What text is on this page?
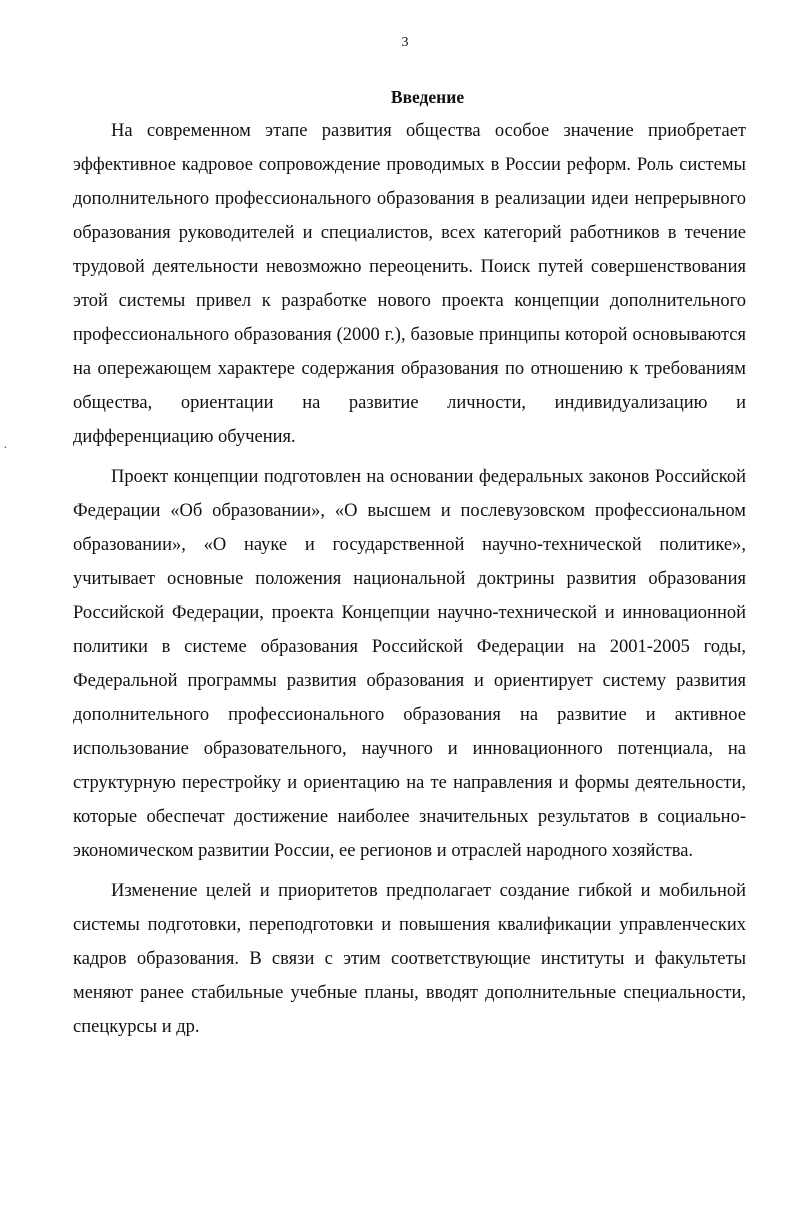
3
Введение

На современном этапе развития общества особое значение приобретает эффективное кадровое сопровождение проводимых в России реформ. Роль системы дополнительного профессионального образования в реализации идеи непрерывного образования руководителей и специалистов, всех категорий работников в течение трудовой деятельности невозможно переоценить. Поиск путей совершенствования этой системы привел к разработке нового проекта концепции дополнительного профессионального образования (2000 г.), базовые принципы которой основываются на опережающем характере содержания образования по отношению к требованиям общества, ориентации на развитие личности, индивидуализацию и дифференциацию обучения.

Проект концепции подготовлен на основании федеральных законов Российской Федерации «Об образовании», «О высшем и послевузовском профессиональном образовании», «О науке и государственной научно-технической политике», учитывает основные положения национальной доктрины развития образования Российской Федерации, проекта Концепции научно-технической и инновационной политики в системе образования Российской Федерации на 2001-2005 годы, Федеральной программы развития образования и ориентирует систему развития дополнительного профессионального образования на развитие и активное использование образовательного, научного и инновационного потенциала, на структурную перестройку и ориентацию на те направления и формы деятельности, которые обеспечат достижение наиболее значительных результатов в социально-экономическом развитии России, ее регионов и отраслей народного хозяйства.

Изменение целей и приоритетов предполагает создание гибкой и мобильной системы подготовки, переподготовки и повышения квалификации управленческих кадров образования. В связи с этим соответствующие институты и факультеты меняют ранее стабильные учебные планы, вводят дополнительные специальности, спецкурсы и др.

‘
